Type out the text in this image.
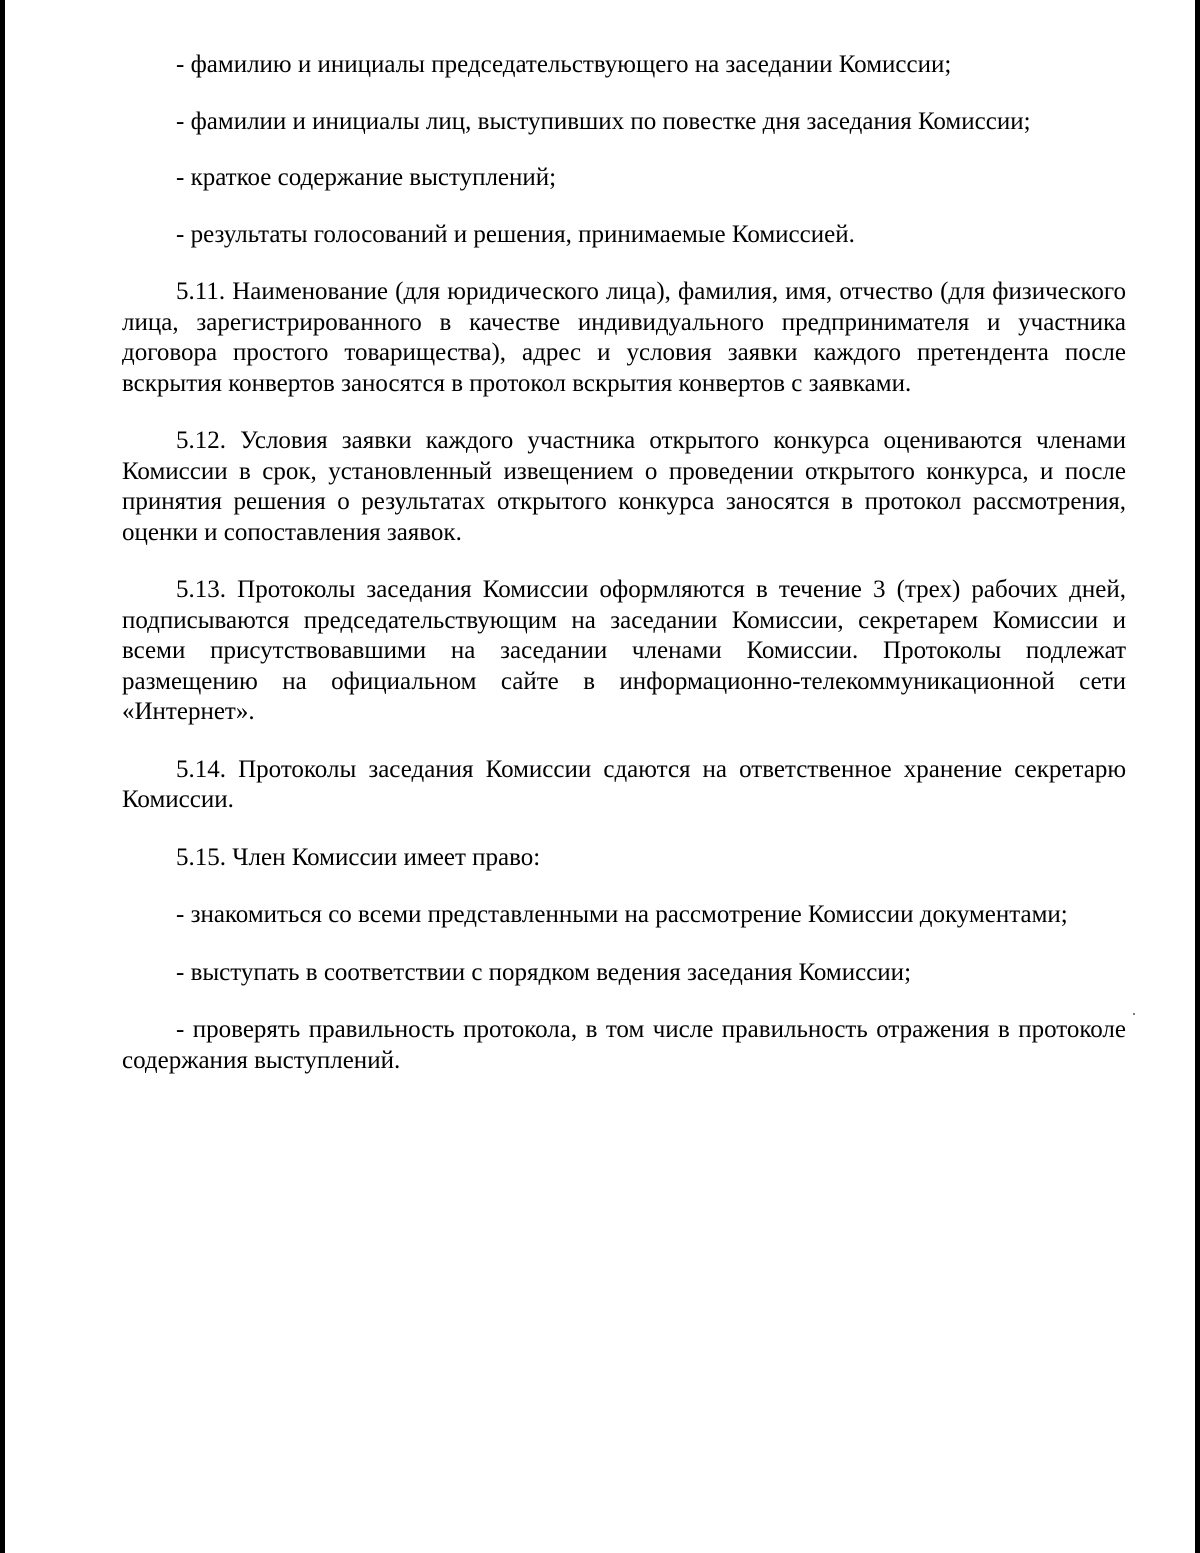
- фамилию и инициалы председательствующего на заседании Комиссии;

- фамилии и инициалы лиц, выступивших по повестке дня заседания Комиссии;

- краткое содержание выступлений;

- результаты голосований и решения, принимаемые Комиссией.

5.11. Наименование (для юридического лица), фамилия, имя, отчество (для физического лица, зарегистрированного в качестве индивидуального предпринимателя и участника договора простого товарищества), адрес и условия заявки каждого претендента после вскрытия конвертов заносятся в протокол вскрытия конвертов с заявками.

5.12. Условия заявки каждого участника открытого конкурса оцениваются членами Комиссии в срок, установленный извещением о проведении открытого конкурса, и после принятия решения о результатах открытого конкурса заносятся в протокол рассмотрения, оценки и сопоставления заявок.

5.13. Протоколы заседания Комиссии оформляются в течение 3 (трех) рабочих дней, подписываются председательствующим на заседании Комиссии, секретарем Комиссии и всеми присутствовавшими на заседании членами Комиссии. Протоколы подлежат размещению на официальном сайте в информационно-телекоммуникационной сети «Интернет».

5.14. Протоколы заседания Комиссии сдаются на ответственное хранение секретарю Комиссии.

5.15. Член Комиссии имеет право:

- знакомиться со всеми представленными на рассмотрение Комиссии документами;

- выступать в соответствии с порядком ведения заседания Комиссии;

- проверять правильность протокола, в том числе правильность отражения в протоколе содержания выступлений.
